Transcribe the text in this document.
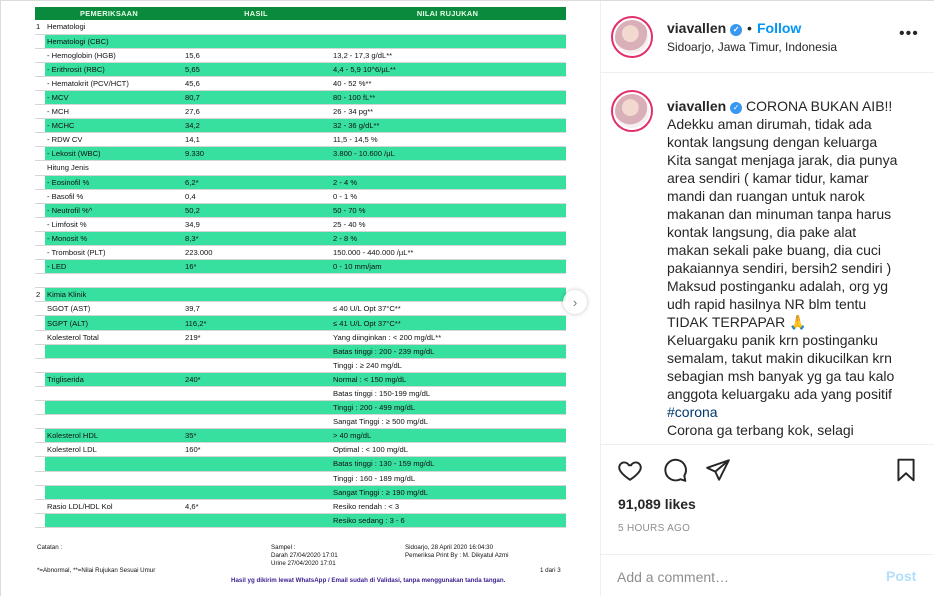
PEMERIKSAAN		HASIL	NILAI RUJUKAN	
1	Hematologi			
	Hematologi (CBC)			
	- Hemoglobin (HGB)	15,6	13,2 - 17,3 g/dL**	
	- Erithrosit (RBC)	5,65	4,4 - 5,9 10^6/µL**	
	- Hematokrit (PCV/HCT)	45,6	40 - 52 %**	
	- MCV	80,7	80 - 100 fL**	
	- MCH	27,6	26 - 34 pg**	
	- MCHC	34,2	32 - 36 g/dL**	
	- RDW CV	14,1	11,5 - 14,5 %	
	- Lekosit (WBC)	9.330	3.800 - 10.600 /µL	
	Hitung Jenis			
	- Eosinofil %	6,2*	2 - 4 %	
	- Basofil %	0,4	0 - 1 %	
	- Neutrofil %^	50,2	50 - 70 %	
	- Limfosit %	34,9	25 - 40 %	
	- Monosit %	8,3*	2 - 8 %	
	- Trombosit (PLT)	223.000	150.000 - 440.000 /µL**	
	- LED	16*	0 - 10 mm/jam	

2	Kimia Klinik			
	SGOT (AST)	39,7	≤ 40 U/L Opt 37°C**	
	SGPT (ALT)	116,2*	≤ 41 U/L Opt 37°C**	
	Kolesterol Total	219*	Yang diinginkan : < 200 mg/dL**	
			Batas tinggi : 200 - 239 mg/dL	
			Tinggi : ≥ 240 mg/dL	
	Trigliserida	240*	Normal : < 150 mg/dL	
			Batas tinggi : 150-199 mg/dL	
			Tinggi : 200 - 499 mg/dL	
			Sangat Tinggi : ≥ 500 mg/dL	
	Kolesterol HDL	35*	> 40 mg/dL	
	Kolesterol LDL	160*	Optimal : < 100 mg/dL	
			Batas tinggi : 130 - 159 mg/dL	
			Tinggi : 160 - 189 mg/dL	
			Sangat Tinggi : ≥ 190 mg/dL	
	Rasio LDL/HDL Kol	4,6*	Resiko rendah : < 3	
			Resiko sedang : 3 - 6	
Catatan :	Sampel :
Darah 27/04/2020 17:01
Urine 27/04/2020 17:01
Sidoarjo, 28 April 2020 16:04:30
Pemeriksa Print By : M. Dikyatul Azmi
*=Abnormal, **=Nilai Rujukan Sesuai Umur	1 dari 3
Hasil yg dikirim lewat WhatsApp / Email sudah di Validasi, tanpa menggunakan tanda tangan.
›
viavallen ✓ • Follow
Sidoarjo, Jawa Timur, Indonesia
•••
viavallen ✓ CORONA BUKAN AIB!!
Adekku aman dirumah, tidak ada
kontak langsung dengan keluarga
Kita sangat menjaga jarak, dia punya
area sendiri ( kamar tidur, kamar
mandi dan ruangan untuk narok
makanan dan minuman tanpa harus
kontak langsung, dia pake alat
makan sekali pake buang, dia cuci
pakaiannya sendiri, bersih2 sendiri )
Maksud postinganku adalah, org yg
udh rapid hasilnya NR blm tentu
TIDAK TERPAPAR 🙏
Keluargaku panik krn postinganku
semalam, takut makin dikucilkan krn
sebagian msh banyak yg ga tau kalo
anggota keluargaku ada yang positif
#corona
Corona ga terbang kok, selagi
91,089 likes
5 HOURS AGO
Add a comment…
Post
